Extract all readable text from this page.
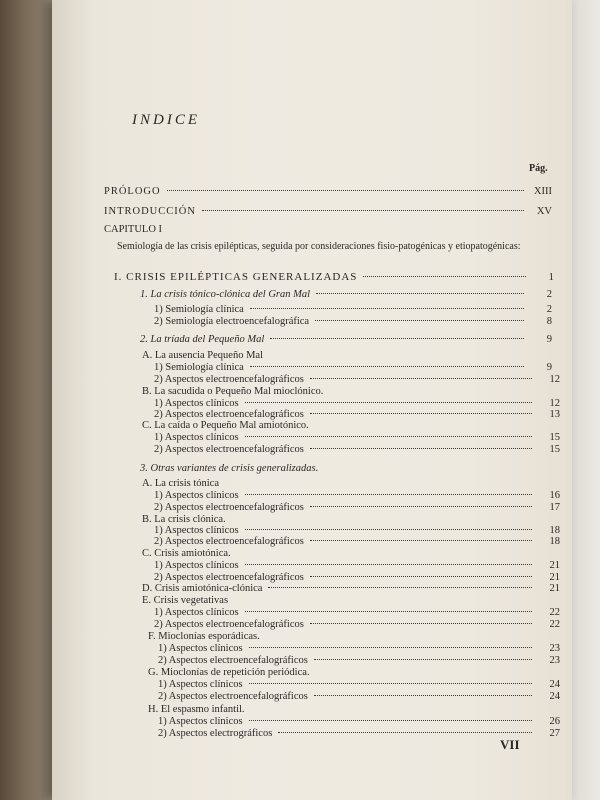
INDICE
Pág.
PRÓLOGO	XIII
INTRODUCCIÓN	XV
CAPITULO I
Semiología de las crisis epilépticas, seguida por consideraciones fisio-patogénicas y etiopatogénicas:
I. CRISIS EPILÉPTICAS GENERALIZADAS	1
1. La crisis tónico-clónica del Gran Mal	2
1) Semiología clínica	2
2) Semiología electroencefalográfica	8
2. La tríada del Pequeño Mal	9
A. La ausencia Pequeño Mal
1) Semiología clínica	9
2) Aspectos electroencefalográficos	12
B. La sacudida o Pequeño Mal mioclónico.
1) Aspectos clínicos	12
2) Aspectos electroencefalográficos	13
C. La caída o Pequeño Mal amiotónico.
1) Aspectos clínicos	15
2) Aspectos electroencefalográficos	15
3. Otras variantes de crisis generalizadas.
A. La crisis tónica
1) Aspectos clínicos	16
2) Aspectos electroencefalográficos	17
B. La crisis clónica.
1) Aspectos clínicos	18
2) Aspectos electroencefalográficos	18
C. Crisis amiotónica.
1) Aspectos clínicos	21
2) Aspectos electroencefalográficos	21
D. Crisis amiotónica-clónica	21
E. Crisis vegetativas
1) Aspectos clínicos	22
2) Aspectos electroencefalográficos	22
F. Mioclonías esporádicas.
1) Aspectos clínicos	23
2) Aspectos electroencefalográficos	23
G. Mioclonías de repetición periódica.
1) Aspectos clínicos	24
2) Aspectos electroencefalográficos	24
H. El espasmo infantil.
1) Aspectos clínicos	26
2) Aspectos electrográficos	27
VII
